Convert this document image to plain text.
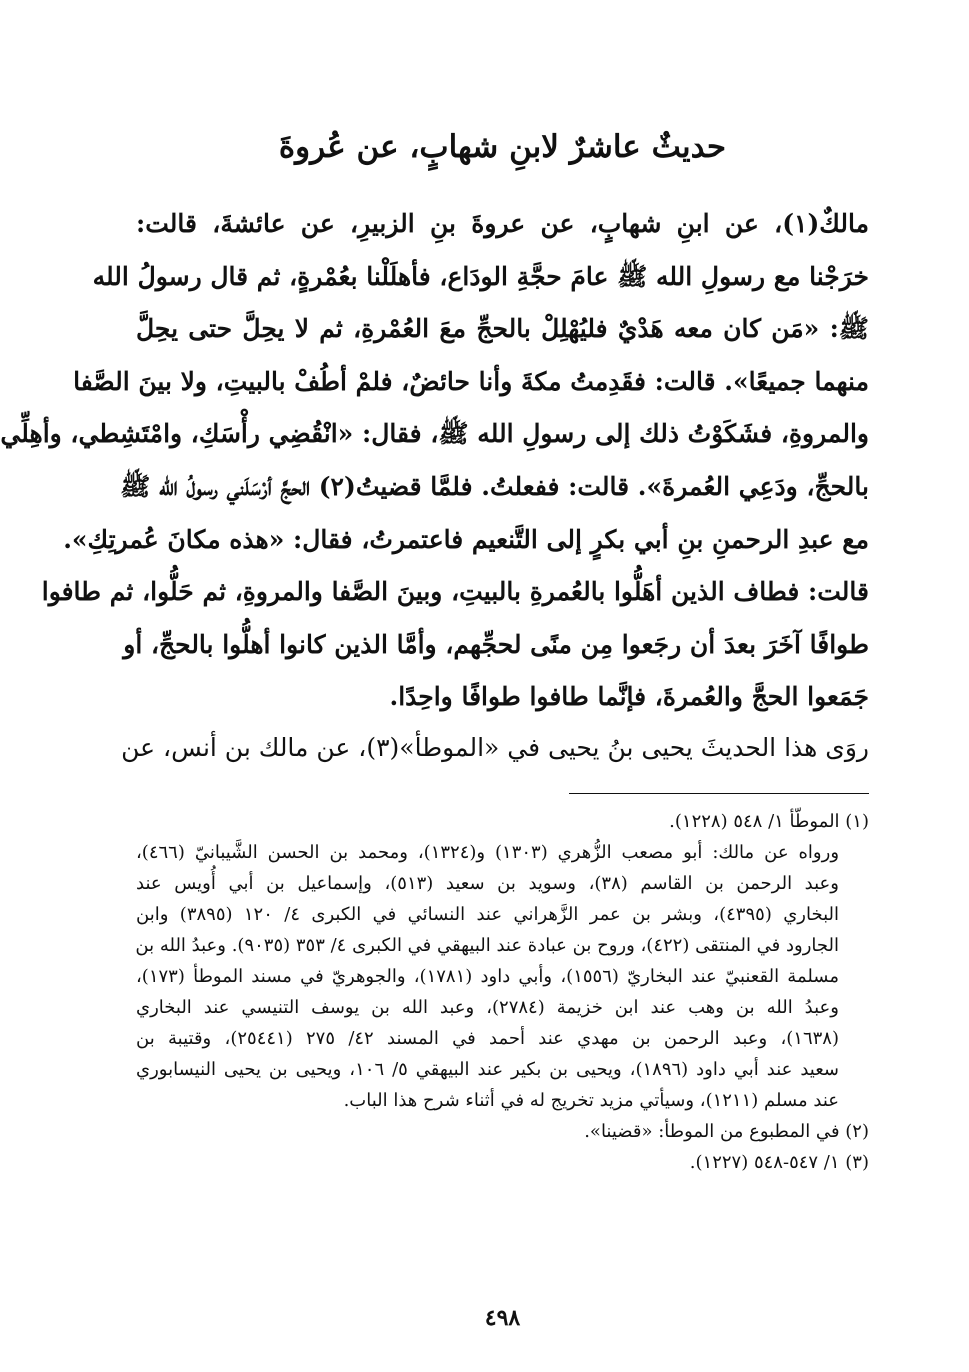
حديثٌ عاشرٌ لابنِ شهابٍ، عن عُروةَ
مالكٌ(١)، عن ابنِ شهابٍ، عن عروةَ بنِ الزبيرِ، عن عائشةَ، قالت:
خرَجْنا مع رسولِ الله ﷺ عامَ حجَّةِ الودَاع، فأهلَلْنا بعُمْرةٍ، ثم قال رسولُ الله
ﷺ: «مَن كان معه هَدْيٌ فليُهْلِلْ بالحجِّ معَ العُمْرةِ، ثم لا يحِلَّ حتى يحِلَّ
منهما جميعًا». قالت: فقَدِمتُ مكةَ وأنا حائضٌ، فلمْ أطُفْ بالبيتِ، ولا بينَ الصَّفا
والمروةِ، فشَكَوْتُ ذلك إلى رسولِ الله ﷺ، فقال: «انْقُضِي رأْسَكِ، وامْتَشِطي، وأهِلِّي
بالحجِّ، ودَعِي العُمرةَ». قالت: ففعلتُ. فلمَّا قضيتُ(٢) الحجَّ أرْسَلَني رسولُ الله ﷺ
مع عبدِ الرحمنِ بنِ أبي بكرٍ إلى التَّنعيم فاعتمرتُ، فقال: «هذه مكانَ عُمرتِكِ».
قالت: فطاف الذين أهَلُّوا بالعُمرةِ بالبيتِ، وبينَ الصَّفا والمروةِ، ثم حَلُّوا، ثم طافوا
طوافًا آخَرَ بعدَ أن رجَعوا مِن منًى لحجِّهم، وأمَّا الذين كانوا أهلُّوا بالحجِّ، أو
جَمَعوا الحجَّ والعُمرةَ، فإنَّما طافوا طوافًا واحِدًا.
روَى هذا الحديثَ يحيى بنُ يحيى في «الموطأ»(٣)، عن مالك بن أنس، عن
(١) الموطّأ ١/ ٥٤٨ (١٢٢٨).
ورواه عن مالك: أبو مصعب الزُّهري (١٣٠٣) و(١٣٢٤)، ومحمد بن الحسن الشَّيبانيّ (٤٦٦)،
وعبد الرحمن بن القاسم (٣٨)، وسويد بن سعيد (٥١٣)، وإسماعيل بن أبي أُويس عند
البخاري (٤٣٩٥)، وبشر بن عمر الزَّهراني عند النسائي في الكبرى ٤/ ١٢٠ (٣٨٩٥) وابن
الجارود في المنتقى (٤٢٢)، وروح بن عبادة عند البيهقي في الكبرى ٤/ ٣٥٣ (٩٠٣٥). وعبدُ الله بن
مسلمة القعنبيّ عند البخاريّ (١٥٥٦)، وأبي داود (١٧٨١)، والجوهريّ في مسند الموطأ (١٧٣)،
وعبدُ الله بن وهب عند ابن خزيمة (٢٧٨٤)، وعبد الله بن يوسف التنيسي عند البخاري
(١٦٣٨)، وعبد الرحمن بن مهدي عند أحمد في المسند ٤٢/ ٢٧٥ (٢٥٤٤١)، وقتيبة بن
سعيد عند أبي داود (١٨٩٦)، ويحيى بن بكير عند البيهقي ٥/ ١٠٦، ويحيى بن يحيى النيسابوري
عند مسلم (١٢١١)، وسيأتي مزيد تخريج له في أثناء شرح هذا الباب.
(٢) في المطبوع من الموطأ: «قضينا».
(٣) ١/ ٥٤٧-٥٤٨ (١٢٢٧).
٤٩٨
